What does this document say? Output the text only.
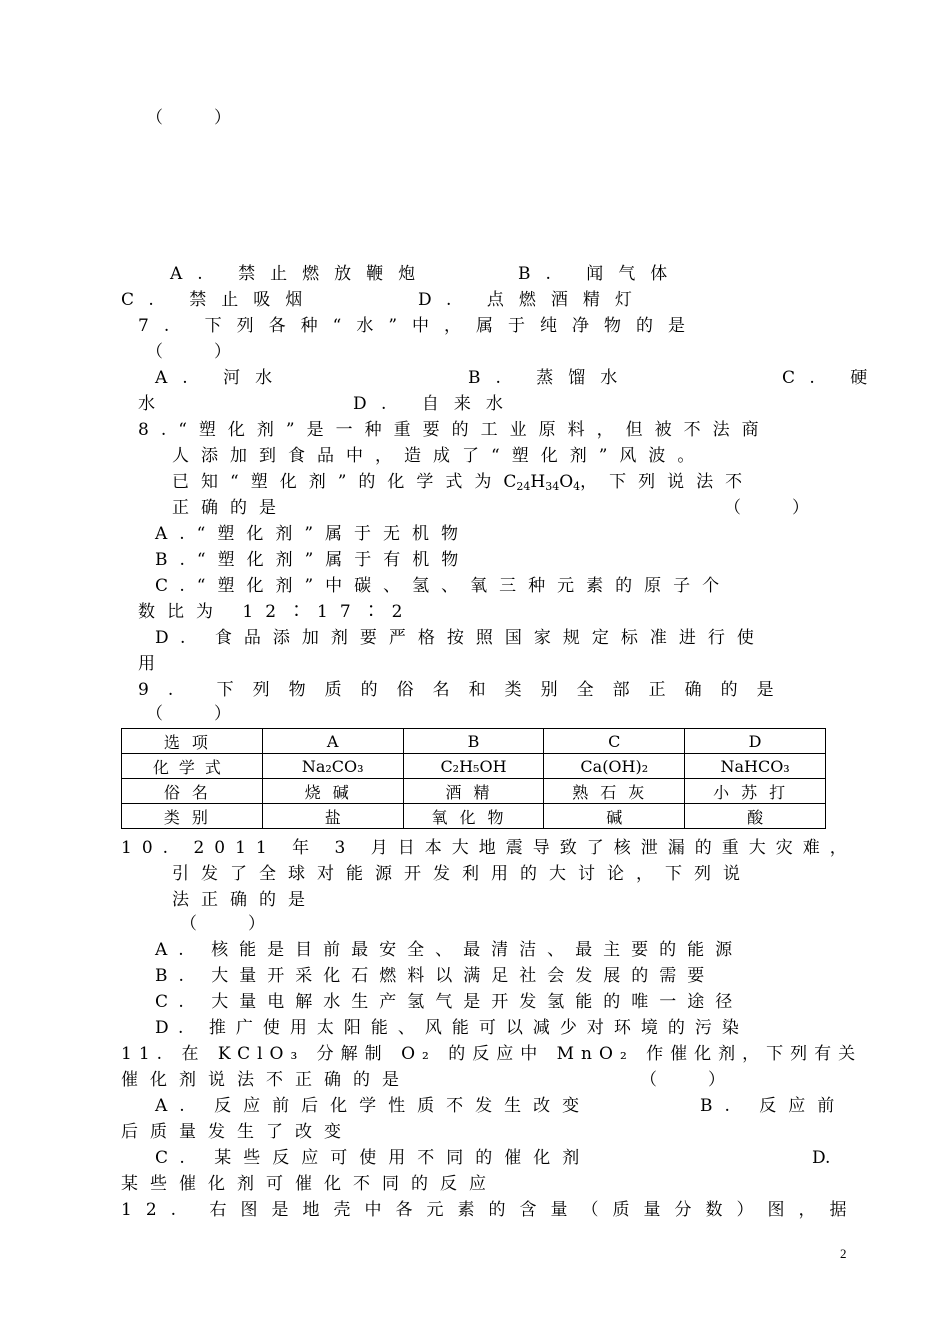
（　　　）
A. 禁止燃放鞭炮	B. 闻气体
C. 禁止吸烟	D. 点燃酒精灯
7. 下列各种“水”中，属于纯净物的是
（　　　）
A. 河水	B. 蒸馏水	C. 硬
水	D. 自来水
8.“塑化剂”是一种重要的工业原料，但被不法商
人添加到食品中，造成了“塑化剂”风波。
已知“塑化剂”的化学式为$C_{24}H_{34}O_4$，下列说法不
正确的是	（　　　）
A.“塑化剂”属于无机物
B.“塑化剂”属于有机物
C.“塑化剂”中碳、氢、氧三种元素的原子个
数比为 12∶17∶2
D. 食品添加剂要严格按照国家规定标准进行使
用
9. 下列物质的俗名和类别全部正确的是
（　　　）
选项	A	B	C	D
化学式	Na₂CO₃	C₂H₅OH	Ca(OH)₂	NaHCO₃
俗名	烧碱	酒精	熟石灰	小苏打
类别	盐	氧化物	碱	酸
10. 2011 年 3 月日本大地震导致了核泄漏的重大灾难，
引发了全球对能源开发利用的大讨论，下列说
法正确的是
（　　　）
A. 核能是目前最安全、最清洁、最主要的能源
B. 大量开采化石燃料以满足社会发展的需要
C. 大量电解水生产氢气是开发氢能的唯一途径
D. 推广使用太阳能、风能可以减少对环境的污染
11. 在 KClO₃ 分解制 O₂ 的反应中 MnO₂ 作催化剂，下列有关
催化剂说法不正确的是	（　　　）
A. 反应前后化学性质不发生改变	B. 反应前
后质量发生了改变
C. 某些反应可使用不同的催化剂	D.
某些催化剂可催化不同的反应
12. 右图是地壳中各元素的含量（质量分数）图，据
2
